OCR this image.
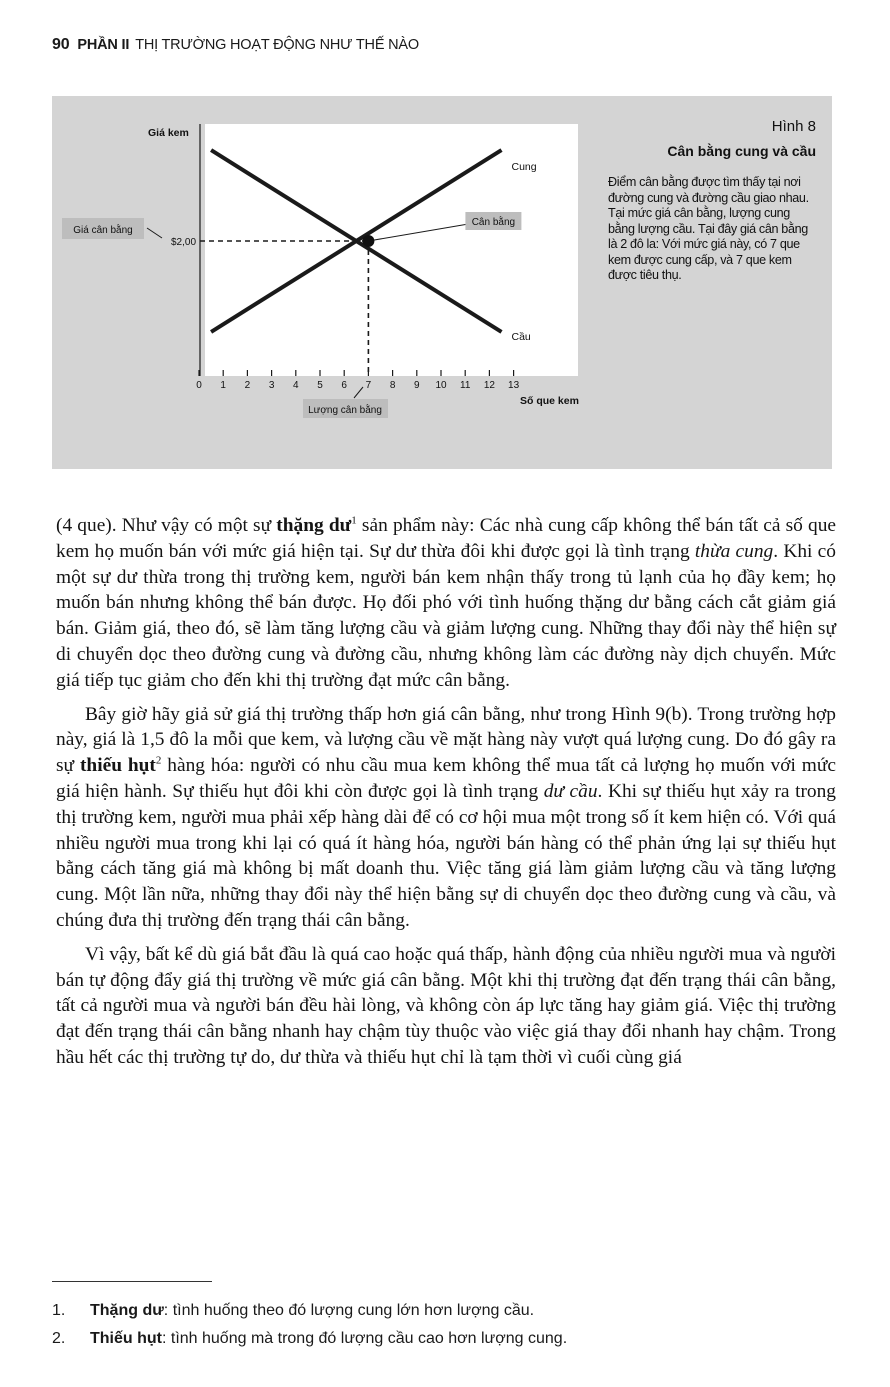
90 PHẦN II THỊ TRƯỜNG HOẠT ĐỘNG NHƯ THẾ NÀO
Giá kem
0 1 2 3 4 5 6 7 8 9 10 11 12 13
Cung
Cầu
Cân bằng
$2,00
Giá cân bằng
Lượng cân bằng
Số que kem
Hình 8
Cân bằng cung và cầu
Điểm cân bằng được tìm thấy tại nơi đường cung và đường cầu giao nhau. Tại mức giá cân bằng, lượng cung bằng lượng cầu. Tại đây giá cân bằng là 2 đô la: Với mức giá này, có 7 que kem được cung cấp, và 7 que kem được tiêu thụ.

(4 que). Như vậy có một sự thặng $dư^1$ sản phẩm này: Các nhà cung cấp không thể bán tất cả số que kem họ muốn bán với mức giá hiện tại. Sự dư thừa đôi khi được gọi là tình trạng thừa cung. Khi có một sự dư thừa trong thị trường kem, người bán kem nhận thấy trong tủ lạnh của họ đầy kem; họ muốn bán nhưng không thể bán được. Họ đối phó với tình huống thặng dư bằng cách cắt giảm giá bán. Giảm giá, theo đó, sẽ làm tăng lượng cầu và giảm lượng cung. Những thay đổi này thể hiện sự di chuyển dọc theo đường cung và đường cầu, nhưng không làm các đường này dịch chuyển. Mức giá tiếp tục giảm cho đến khi thị trường đạt mức cân bằng.

Bây giờ hãy giả sử giá thị trường thấp hơn giá cân bằng, như trong Hình 9(b). Trong trường hợp này, giá là 1,5 đô la mỗi que kem, và lượng cầu về mặt hàng này vượt quá lượng cung. Do đó gây ra sự thiếu hụt$^2$ hàng hóa: người có nhu cầu mua kem không thể mua tất cả lượng họ muốn với mức giá hiện hành. Sự thiếu hụt đôi khi còn được gọi là tình trạng dư cầu. Khi sự thiếu hụt xảy ra trong thị trường kem, người mua phải xếp hàng dài để có cơ hội mua một trong số ít kem hiện có. Với quá nhiều người mua trong khi lại có quá ít hàng hóa, người bán hàng có thể phản ứng lại sự thiếu hụt bằng cách tăng giá mà không bị mất doanh thu. Việc tăng giá làm giảm lượng cầu và tăng lượng cung. Một lần nữa, những thay đổi này thể hiện bằng sự di chuyển dọc theo đường cung và cầu, và chúng đưa thị trường đến trạng thái cân bằng.

Vì vậy, bất kể dù giá bắt đầu là quá cao hoặc quá thấp, hành động của nhiều người mua và người bán tự động đẩy giá thị trường về mức giá cân bằng. Một khi thị trường đạt đến trạng thái cân bằng, tất cả người mua và người bán đều hài lòng, và không còn áp lực tăng hay giảm giá. Việc thị trường đạt đến trạng thái cân bằng nhanh hay chậm tùy thuộc vào việc giá thay đổi nhanh hay chậm. Trong hầu hết các thị trường tự do, dư thừa và thiếu hụt chỉ là tạm thời vì cuối cùng giá

1. Thặng dư: tình huống theo đó lượng cung lớn hơn lượng cầu.
2. Thiếu hụt: tình huống mà trong đó lượng cầu cao hơn lượng cung.
